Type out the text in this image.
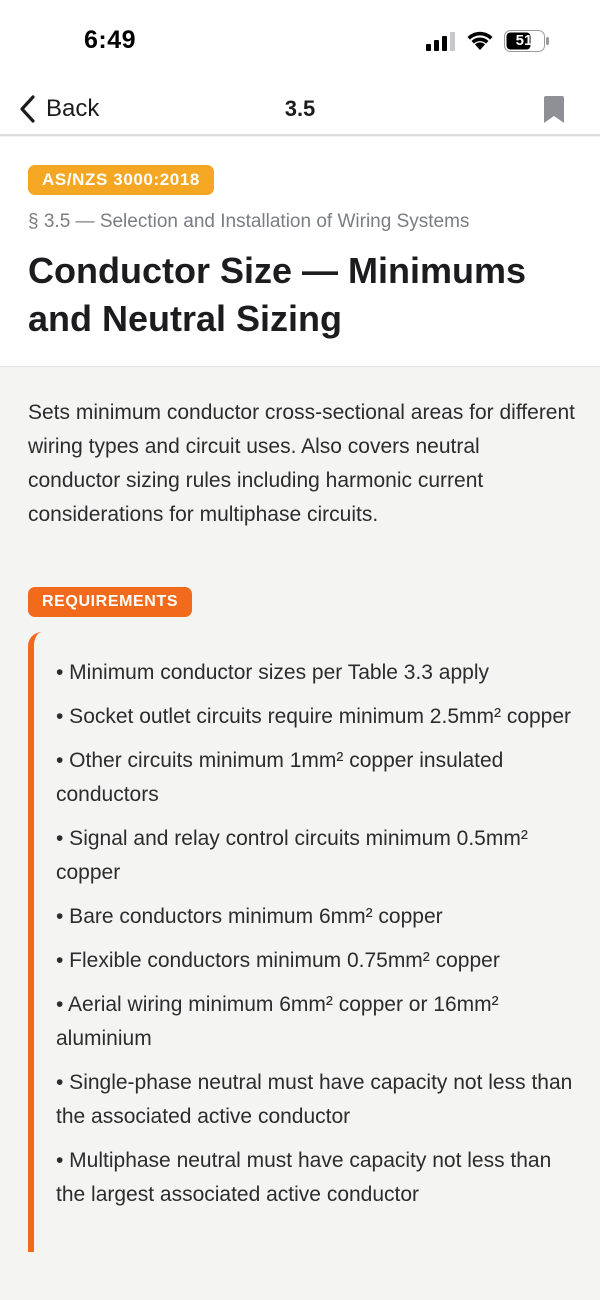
6:49	51
Back	3.5
AS/NZS 3000:2018
§ 3.5 — Selection and Installation of Wiring Systems
Conductor Size — Minimums and Neutral Sizing

Sets minimum conductor cross-sectional areas for different wiring types and circuit uses. Also covers neutral conductor sizing rules including harmonic current considerations for multiphase circuits.

REQUIREMENTS
• Minimum conductor sizes per Table 3.3 apply
• Socket outlet circuits require minimum 2.5mm² copper
• Other circuits minimum 1mm² copper insulated conductors
• Signal and relay control circuits minimum 0.5mm² copper
• Bare conductors minimum 6mm² copper
• Flexible conductors minimum 0.75mm² copper
• Aerial wiring minimum 6mm² copper or 16mm² aluminium
• Single-phase neutral must have capacity not less than the associated active conductor
• Multiphase neutral must have capacity not less than the largest associated active conductor
